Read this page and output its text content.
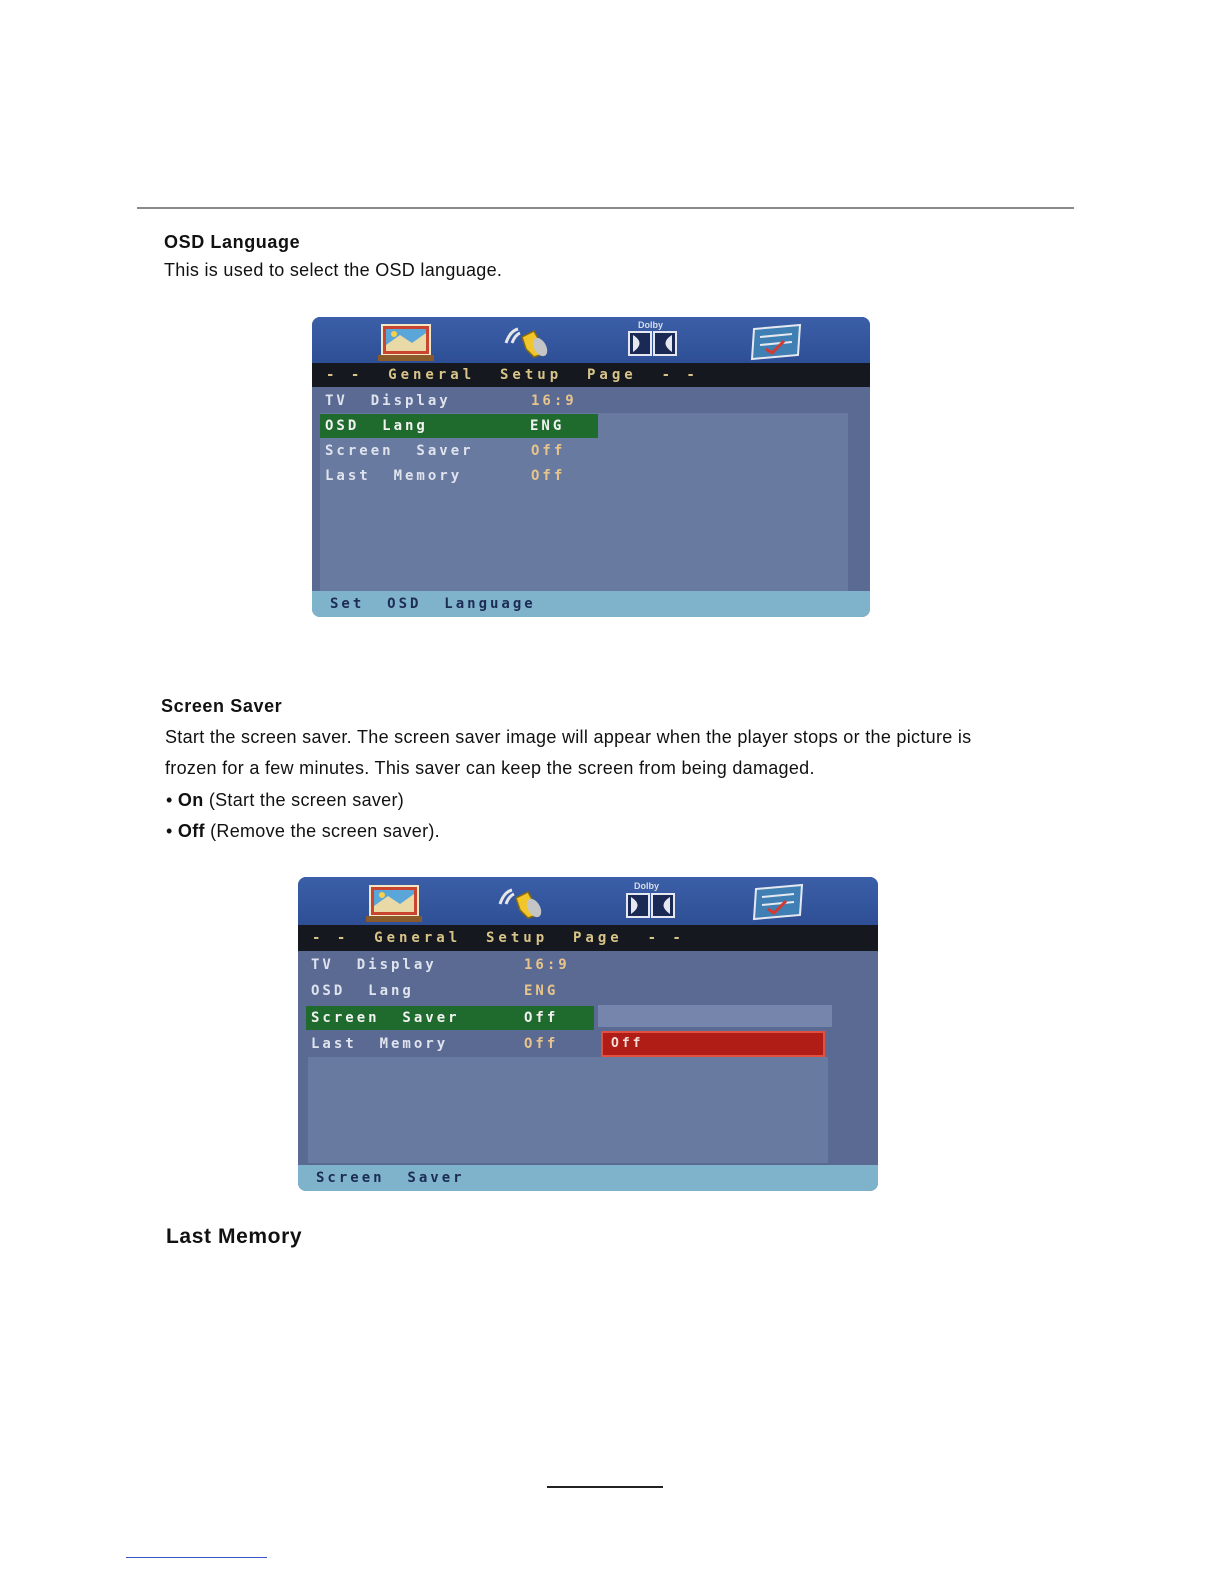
OSD Language
This is used to select the OSD language.
Dolby
- -  General  Setup  Page  - -
TV  Display	16:9
OSD  Lang	ENG
Screen  Saver	Off
Last  Memory	Off
Set  OSD  Language
Screen Saver
Start the screen saver. The screen saver image will appear when the player stops or the picture is
frozen for a few minutes. This saver can keep the screen from being damaged.
• On (Start the screen saver)
• Off (Remove the screen saver).
Dolby
- -  General  Setup  Page  - -
TV  Display	16:9
OSD  Lang	ENG
Screen  Saver	Off
Last  Memory	Off	Off
Screen  Saver
Last Memory
